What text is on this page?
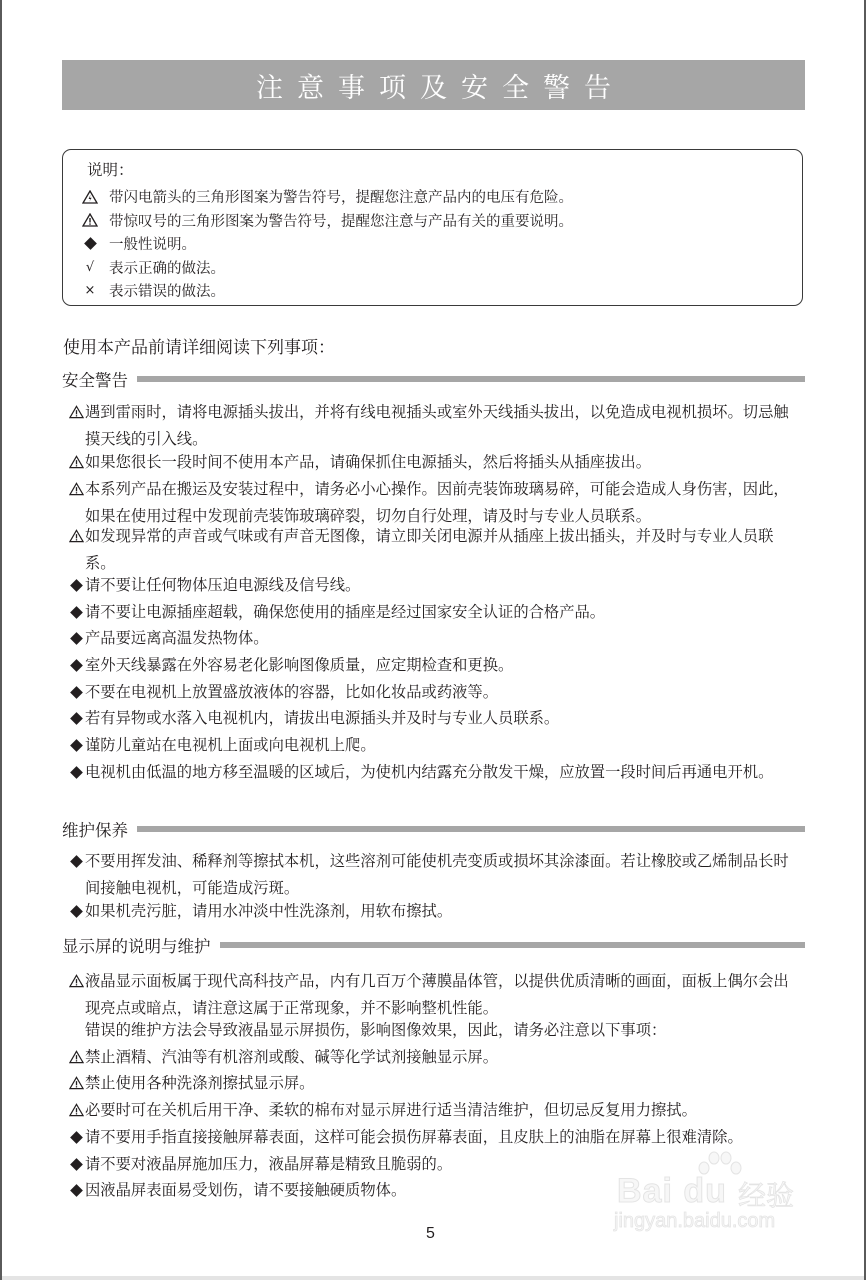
注意事项及安全警告
说明：
带闪电箭头的三角形图案为警告符号，提醒您注意产品内的电压有危险。
带惊叹号的三角形图案为警告符号，提醒您注意与产品有关的重要说明。
一般性说明。
√	表示正确的做法。
× 表示错误的做法。
使用本产品前请详细阅读下列事项：
安全警告
遇到雷雨时，请将电源插头拔出，并将有线电视插头或室外天线插头拔出，以免造成电视机损坏。切忌触摸天线的引入线。
如果您很长一段时间不使用本产品，请确保抓住电源插头，然后将插头从插座拔出。
本系列产品在搬运及安装过程中，请务必小心操作。因前壳装饰玻璃易碎，可能会造成人身伤害，因此，如果在使用过程中发现前壳装饰玻璃碎裂，切勿自行处理，请及时与专业人员联系。
如发现异常的声音或气味或有声音无图像，请立即关闭电源并从插座上拔出插头，并及时与专业人员联系。
请不要让任何物体压迫电源线及信号线。
请不要让电源插座超载，确保您使用的插座是经过国家安全认证的合格产品。
产品要远离高温发热物体。
室外天线暴露在外容易老化影响图像质量，应定期检查和更换。
不要在电视机上放置盛放液体的容器，比如化妆品或药液等。
若有异物或水落入电视机内，请拔出电源插头并及时与专业人员联系。
谨防儿童站在电视机上面或向电视机上爬。
电视机由低温的地方移至温暖的区域后，为使机内结露充分散发干燥，应放置一段时间后再通电开机。
维护保养
不要用挥发油、稀释剂等擦拭本机，这些溶剂可能使机壳变质或损坏其涂漆面。若让橡胶或乙烯制品长时间接触电视机，可能造成污斑。
如果机壳污脏，请用水冲淡中性洗涤剂，用软布擦拭。
显示屏的说明与维护
液晶显示面板属于现代高科技产品，内有几百万个薄膜晶体管，以提供优质清晰的画面，面板上偶尔会出现亮点或暗点，请注意这属于正常现象，并不影响整机性能。
错误的维护方法会导致液晶显示屏损伤，影响图像效果，因此，请务必注意以下事项：
禁止酒精、汽油等有机溶剂或酸、碱等化学试剂接触显示屏。
禁止使用各种洗涤剂擦拭显示屏。
必要时可在关机后用干净、柔软的棉布对显示屏进行适当清洁维护，但切忌反复用力擦拭。
请不要用手指直接接触屏幕表面，这样可能会损伤屏幕表面，且皮肤上的油脂在屏幕上很难清除。
请不要对液晶屏施加压力，液晶屏幕是精致且脆弱的。
因液晶屏表面易受划伤，请不要接触硬质物体。
5
Bai du 经验
jingyan.baidu.com
